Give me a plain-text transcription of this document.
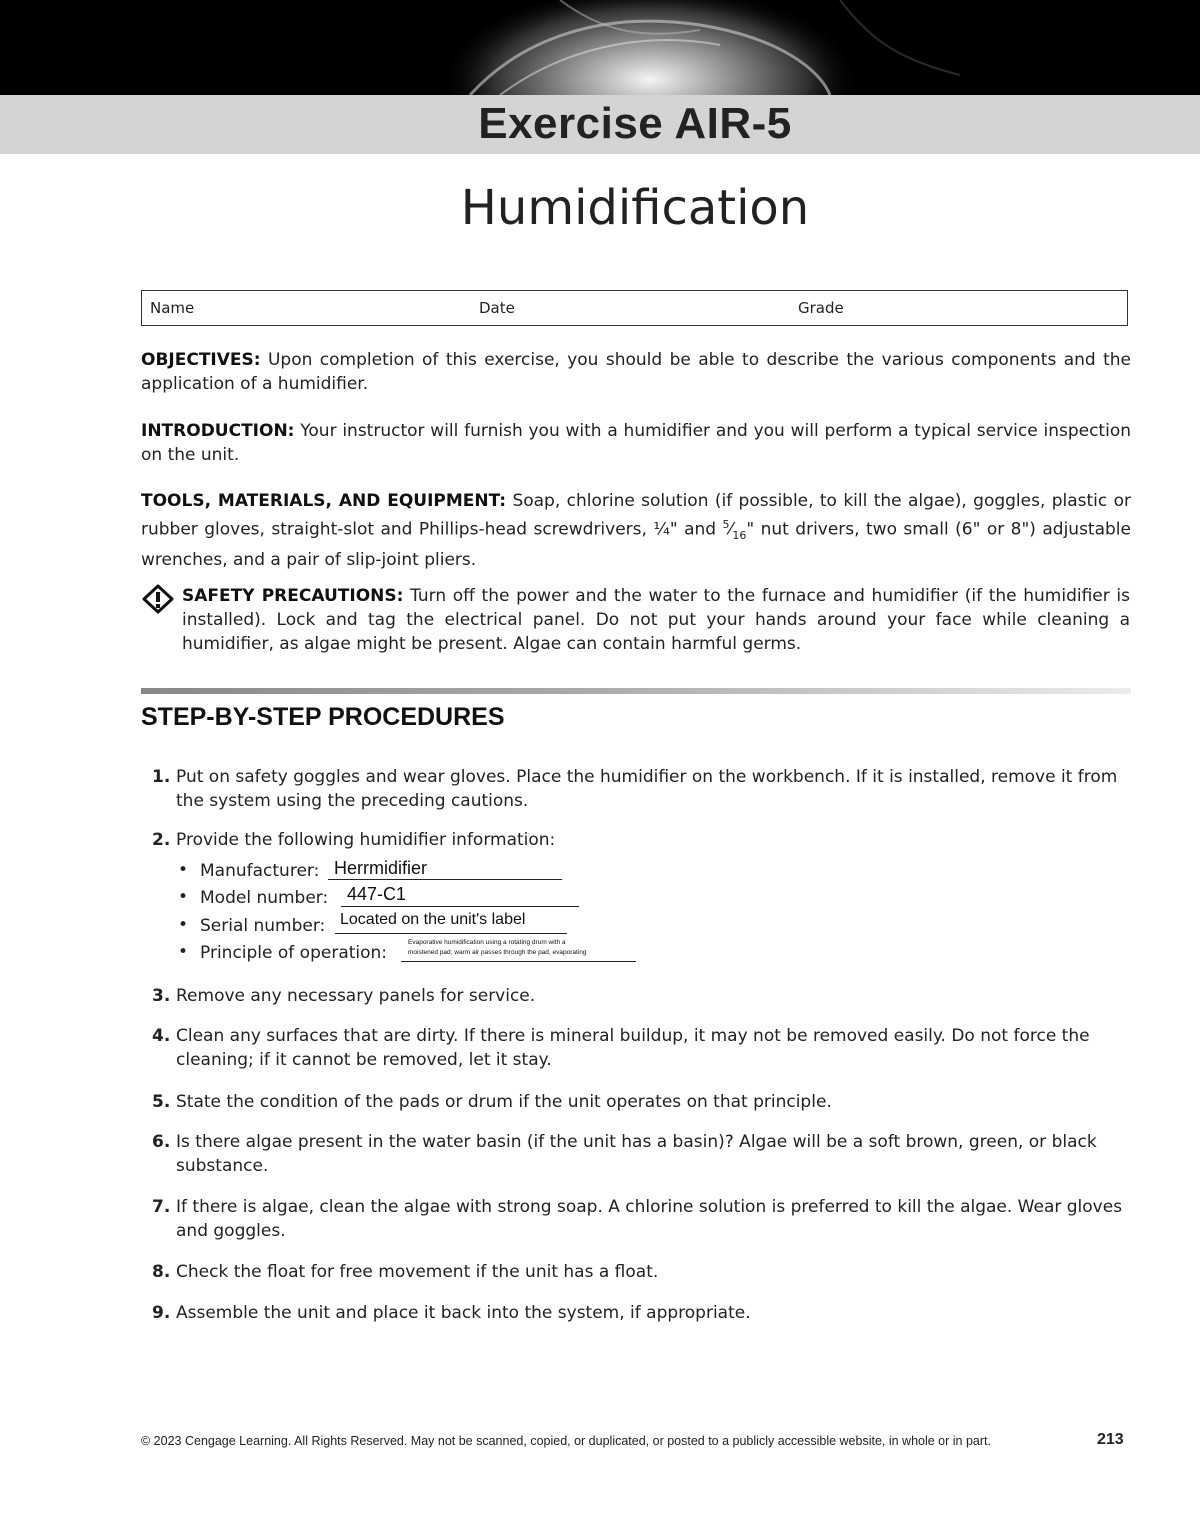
Exercise AIR-5
Humidification
Name	Date	Grade
OBJECTIVES: Upon completion of this exercise, you should be able to describe the various components and the application of a humidifier.
INTRODUCTION: Your instructor will furnish you with a humidifier and you will perform a typical service inspection on the unit.
TOOLS, MATERIALS, AND EQUIPMENT: Soap, chlorine solution (if possible, to kill the algae), goggles, plastic or rubber gloves, straight-slot and Phillips-head screwdrivers, ¼" and $^5⁄_{16}$" nut drivers, two small (6" or 8") adjustable wrenches, and a pair of slip-joint pliers.
SAFETY PRECAUTIONS: Turn off the power and the water to the furnace and humidifier (if the humidifier is installed). Lock and tag the electrical panel. Do not put your hands around your face while cleaning a humidifier, as algae might be present. Algae can contain harmful germs.
STEP-BY-STEP PROCEDURES
1. Put on safety goggles and wear gloves. Place the humidifier on the workbench. If it is installed, remove it from the system using the preceding cautions.
2. Provide the following humidifier information:
• Manufacturer: Herrmidifier
• Model number:	447-C1
• Serial number: Located on the unit's label
• Principle of operation:
Evaporative humidification using a rotating drum with a
moistened pad; warm air passes through the pad, evaporating
3. Remove any necessary panels for service.
4. Clean any surfaces that are dirty. If there is mineral buildup, it may not be removed easily. Do not force the cleaning; if it cannot be removed, let it stay.
5. State the condition of the pads or drum if the unit operates on that principle.
6. Is there algae present in the water basin (if the unit has a basin)? Algae will be a soft brown, green, or black substance.
7. If there is algae, clean the algae with strong soap. A chlorine solution is preferred to kill the algae. Wear gloves and goggles.
8. Check the float for free movement if the unit has a float.
9. Assemble the unit and place it back into the system, if appropriate.
© 2023 Cengage Learning. All Rights Reserved. May not be scanned, copied, or duplicated, or posted to a publicly accessible website, in whole or in part.	213
